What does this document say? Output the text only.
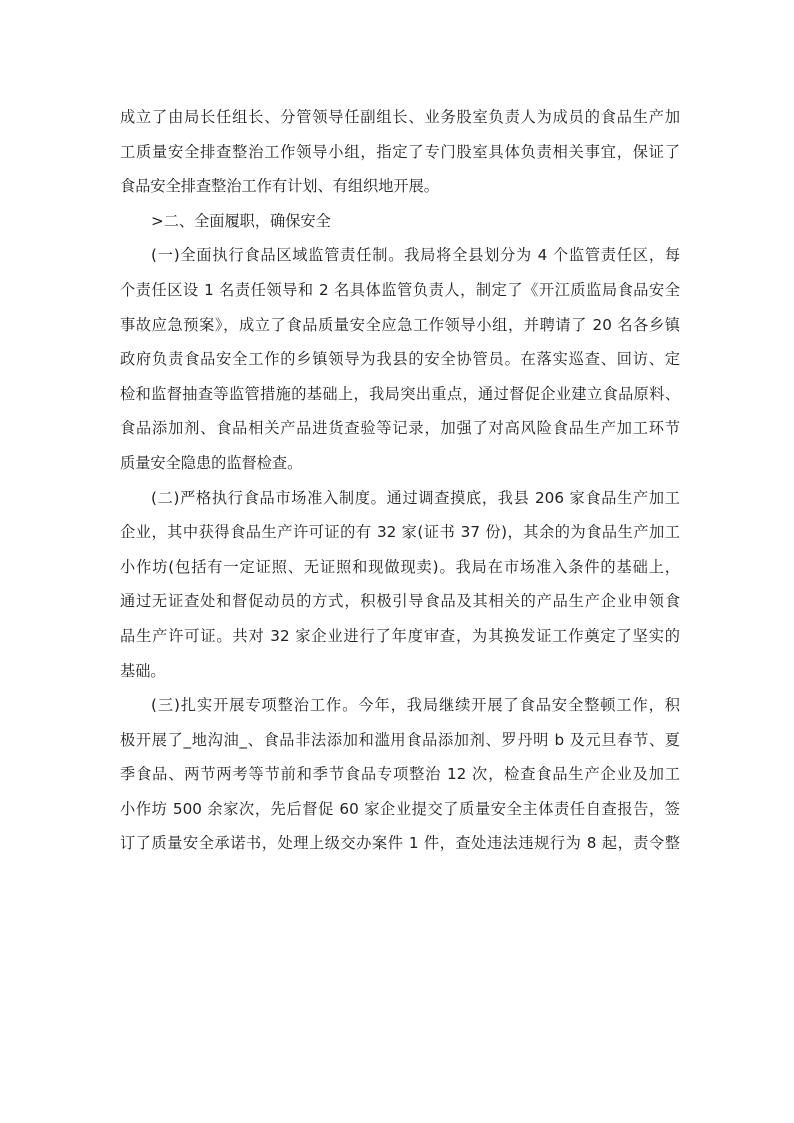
成立了由局长任组长、分管领导任副组长、业务股室负责人为成员的食品生产加
工质量安全排查整治工作领导小组，指定了专门股室具体负责相关事宜，保证了
食品安全排查整治工作有计划、有组织地开展。
>二、全面履职，确保安全
(一)全面执行食品区域监管责任制。我局将全县划分为 4 个监管责任区，每
个责任区设 1 名责任领导和 2 名具体监管负责人，制定了《开江质监局食品安全
事故应急预案》，成立了食品质量安全应急工作领导小组，并聘请了 20 名各乡镇
政府负责食品安全工作的乡镇领导为我县的安全协管员。在落实巡查、回访、定
检和监督抽查等监管措施的基础上，我局突出重点，通过督促企业建立食品原料、
食品添加剂、食品相关产品进货查验等记录，加强了对高风险食品生产加工环节
质量安全隐患的监督检查。
(二)严格执行食品市场准入制度。通过调查摸底，我县 206 家食品生产加工
企业，其中获得食品生产许可证的有 32 家(证书 37 份)，其余的为食品生产加工
小作坊(包括有一定证照、无证照和现做现卖)。我局在市场准入条件的基础上，
通过无证查处和督促动员的方式，积极引导食品及其相关的产品生产企业申领食
品生产许可证。共对 32 家企业进行了年度审查，为其换发证工作奠定了坚实的
基础。
(三)扎实开展专项整治工作。今年，我局继续开展了食品安全整顿工作，积
极开展了_地沟油_、食品非法添加和滥用食品添加剂、罗丹明 b 及元旦春节、夏
季食品、两节两考等节前和季节食品专项整治 12 次，检查食品生产企业及加工
小作坊 500 余家次，先后督促 60 家企业提交了质量安全主体责任自查报告，签
订了质量安全承诺书，处理上级交办案件 1 件，查处违法违规行为 8 起，责令整
